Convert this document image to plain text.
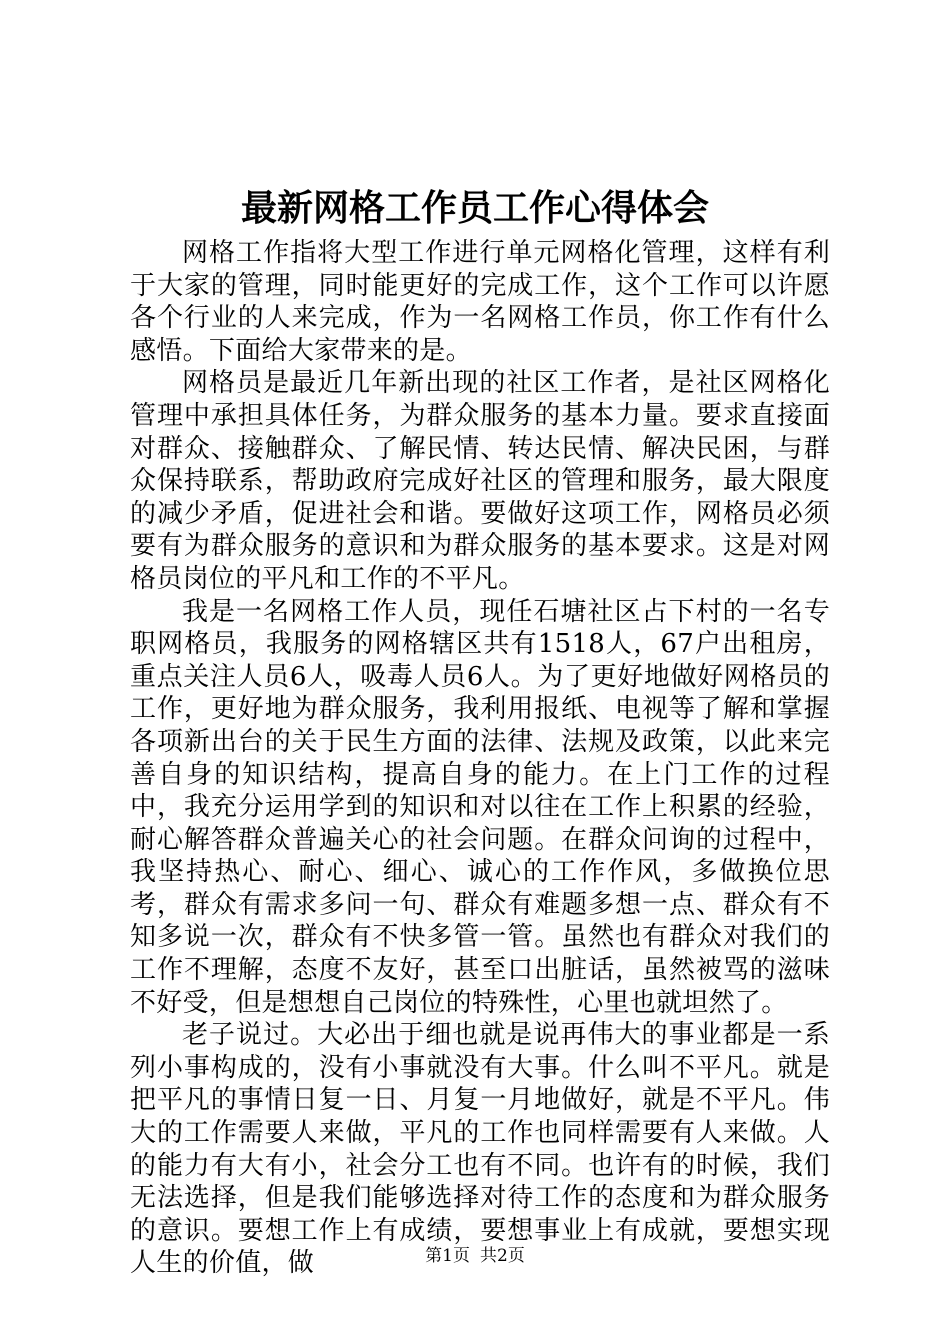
最新网格工作员工作心得体会

网格工作指将大型工作进行单元网格化管理，这样有利于大家的管理，同时能更好的完成工作，这个工作可以许愿各个行业的人来完成，作为一名网格工作员，你工作有什么感悟。下面给大家带来的是。

网格员是最近几年新出现的社区工作者，是社区网格化管理中承担具体任务，为群众服务的基本力量。要求直接面对群众、接触群众、了解民情、转达民情、解决民困，与群众保持联系，帮助政府完成好社区的管理和服务，最大限度的减少矛盾，促进社会和谐。要做好这项工作，网格员必须要有为群众服务的意识和为群众服务的基本要求。这是对网格员岗位的平凡和工作的不平凡。

我是一名网格工作人员，现任石塘社区占下村的一名专职网格员，我服务的网格辖区共有1518人，67户出租房，重点关注人员6人，吸毒人员6人。为了更好地做好网格员的工作，更好地为群众服务，我利用报纸、电视等了解和掌握各项新出台的关于民生方面的法律、法规及政策，以此来完善自身的知识结构，提高自身的能力。在上门工作的过程中，我充分运用学到的知识和对以往在工作上积累的经验，耐心解答群众普遍关心的社会问题。在群众问询的过程中，我坚持热心、耐心、细心、诚心的工作作风，多做换位思考，群众有需求多问一句、群众有难题多想一点、群众有不知多说一次，群众有不快多管一管。虽然也有群众对我们的工作不理解，态度不友好，甚至口出脏话，虽然被骂的滋味不好受，但是想想自己岗位的特殊性，心里也就坦然了。

老子说过。大必出于细也就是说再伟大的事业都是一系列小事构成的，没有小事就没有大事。什么叫不平凡。就是把平凡的事情日复一日、月复一月地做好，就是不平凡。伟大的工作需要人来做，平凡的工作也同样需要有人来做。人的能力有大有小，社会分工也有不同。也许有的时候，我们无法选择，但是我们能够选择对待工作的态度和为群众服务的意识。要想工作上有成绩，要想事业上有成就，要想实现人生的价值，做	第1页 共2页
